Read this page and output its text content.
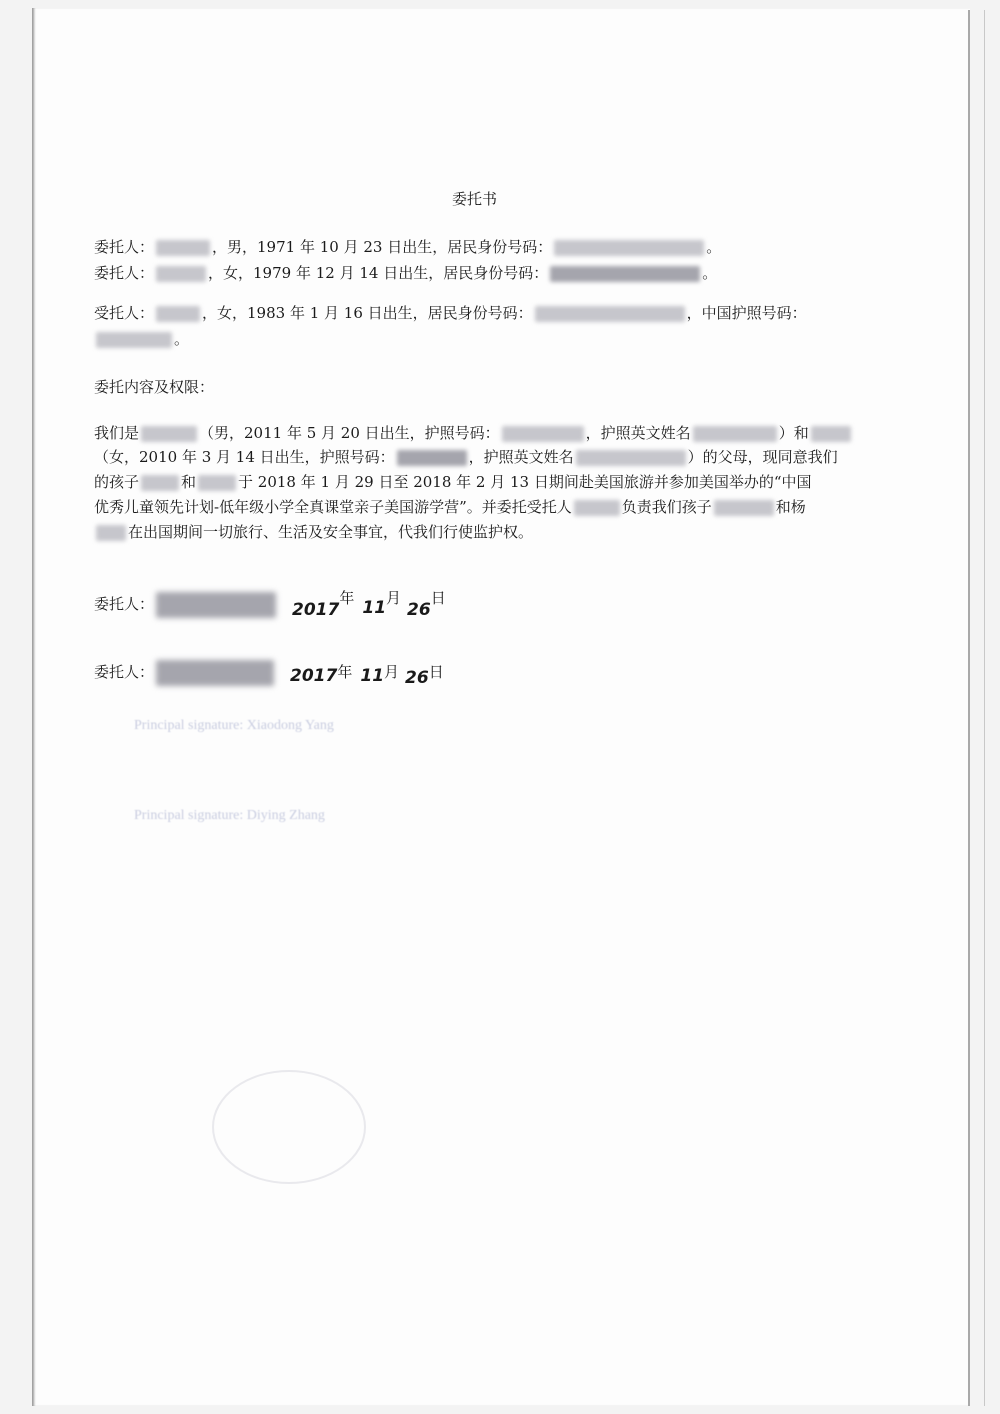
Principal signature: Xiaodong Yang
Principal signature: Diying Zhang
委托书
委托人：	，男，1971 年 10 月 23 日出生，居民身份号码：	。
委托人：	，女，1979 年 12 月 14 日出生，居民身份号码：	。
受托人：	，女，1983 年 1 月 16 日出生，居民身份号码：	，中国护照号码：
。
委托内容及权限：
我们是	（男，2011 年 5 月 20 日出生，护照号码：	，护照英文姓名	）和
（女，2010 年 3 月 14 日出生，护照号码：	，护照英文姓名	）的父母，现同意我们
的孩子	和	于 2018 年 1 月 29 日至 2018 年 2 月 13 日期间赴美国旅游并参加美国举办的“中国
优秀儿童领先计划-低年级小学全真课堂亲子美国游学营”。并委托受托人	负责我们孩子	和杨
在出国期间一切旅行、生活及安全事宜，代我们行使监护权。
委托人：	2017年 11月26日
委托人：	2017年 11月 26日
